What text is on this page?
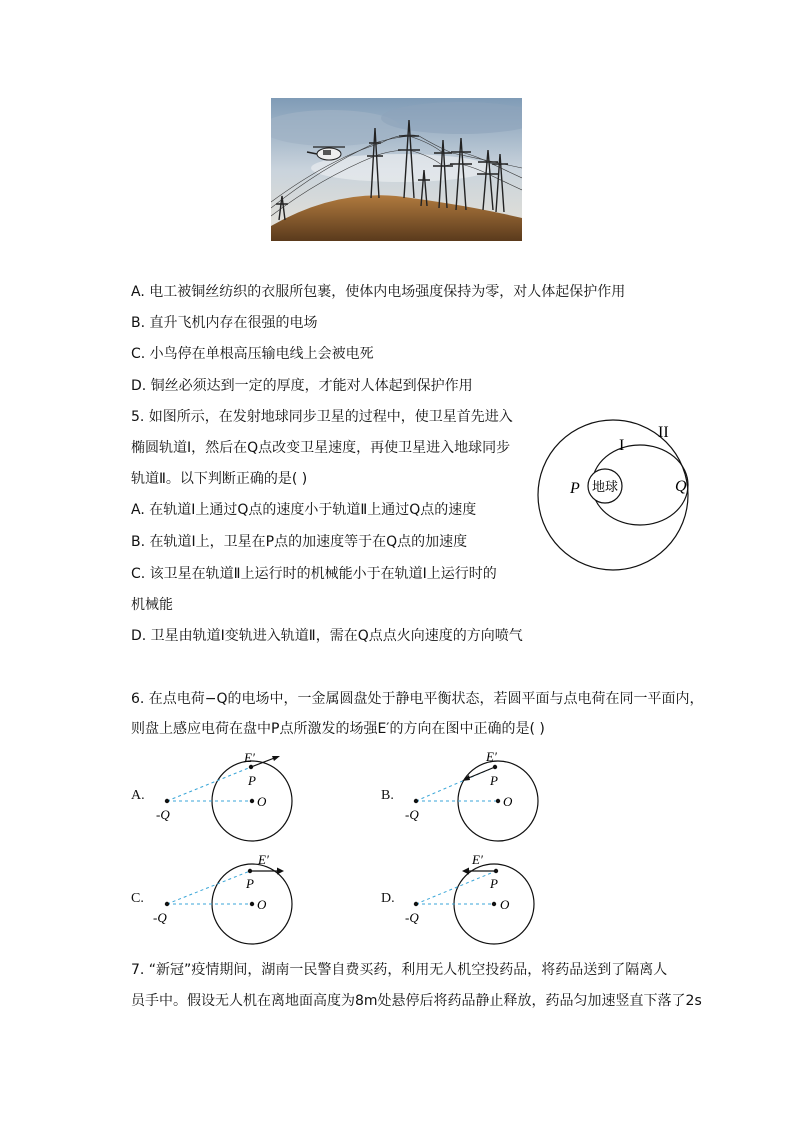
A. 电工被铜丝纺织的衣服所包裹，使体内电场强度保持为零，对人体起保护作用
B. 直升飞机内存在很强的电场
C. 小鸟停在单根高压输电线上会被电死
D. 铜丝必须达到一定的厚度，才能对人体起到保护作用
5. 如图所示，在发射地球同步卫星的过程中，使卫星首先进入
椭圆轨道Ⅰ，然后在Q点改变卫星速度，再使卫星进入地球同步
轨道Ⅱ。以下判断正确的是( )
A. 在轨道Ⅰ上通过Q点的速度小于轨道Ⅱ上通过Q点的速度
B. 在轨道Ⅰ上，卫星在P点的加速度等于在Q点的加速度
C. 该卫星在轨道Ⅱ上运行时的机械能小于在轨道Ⅰ上运行时的
机械能
D. 卫星由轨道Ⅰ变轨进入轨道Ⅱ，需在Q点点火向速度的方向喷气
地球
I
II
P	Q
6. 在点电荷−Q的电场中，一金属圆盘处于静电平衡状态，若圆平面与点电荷在同一平面内，
则盘上感应电荷在盘中P点所激发的场强E′的方向在图中正确的是( )
A.
E′
P
O
-Q
B.
E′
P
O
-Q
C.
E′
P
O
-Q
D.
E′
P
O
-Q
7. “新冠”疫情期间，湖南一民警自费买药，利用无人机空投药品，将药品送到了隔离人
员手中。假设无人机在离地面高度为8m处悬停后将药品静止释放，药品匀加速竖直下落了2s
